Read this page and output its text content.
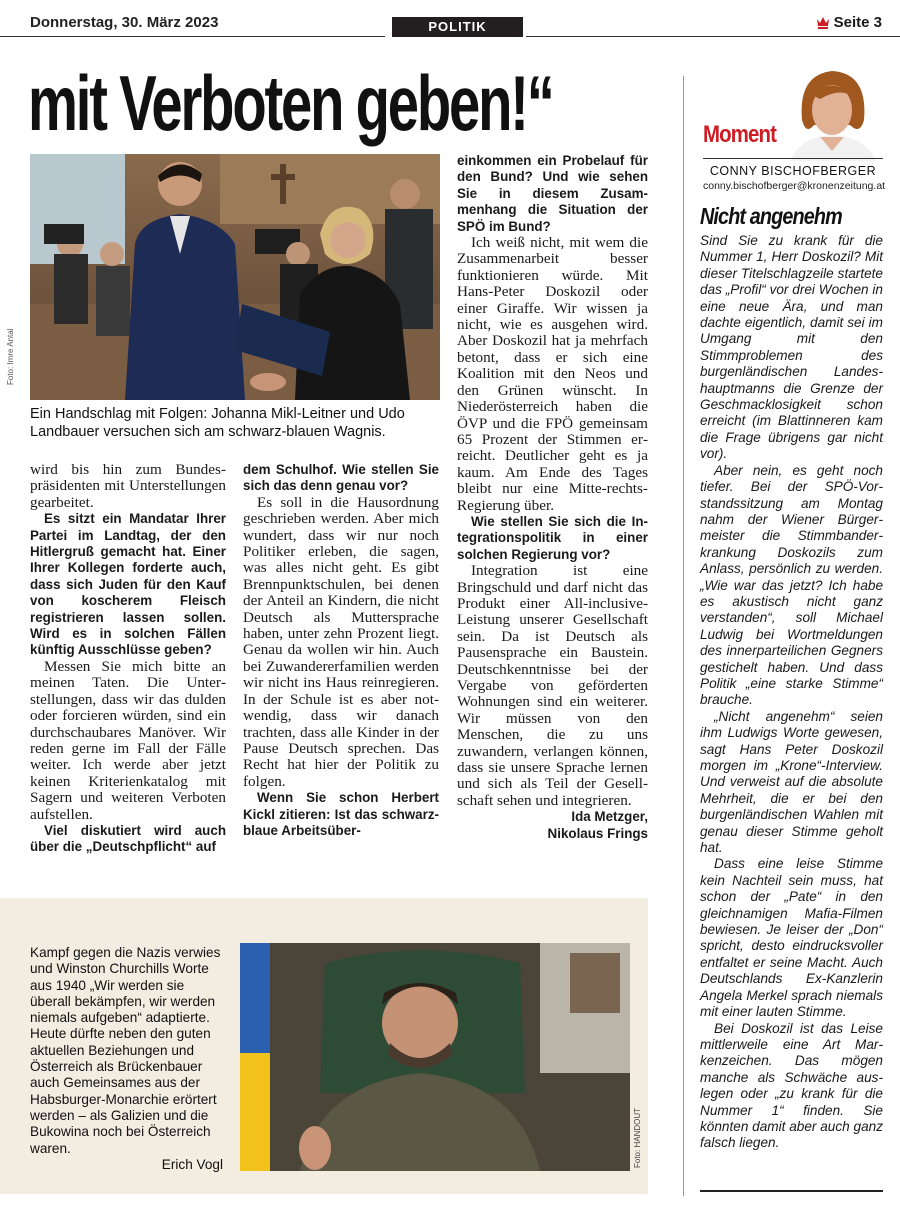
Donnerstag, 30. März 2023	POLITIK	Seite 3
mit Verboten geben!“
Foto: Imre Antal
Ein Handschlag mit Folgen: Johanna Mikl-Leitner und Udo Landbauer versuchen sich am schwarz-blauen Wagnis.

wird bis hin zum Bundespräsidenten mit Unterstellungen gearbeitet.

Es sitzt ein Mandatar Ihrer Partei im Landtag, der den Hitlergruß gemacht hat. Einer Ihrer Kollegen forderte auch, dass sich Juden für den Kauf von koscherem Fleisch registrieren lassen sollen. Wird es in solchen Fällen künftig Ausschlüsse geben?

Messen Sie mich bitte an meinen Taten. Die Unterstellungen, dass wir das dulden oder forcieren würden, sind ein durchschaubares Manöver. Wir reden gerne im Fall der Fälle weiter. Ich werde aber jetzt keinen Kriterienkatalog mit Sagern und weiteren Verboten aufstellen.

Viel diskutiert wird auch über die „Deutschpflicht“ auf

dem Schulhof. Wie stellen Sie sich das denn genau vor?

Es soll in die Hausordnung geschrieben werden. Aber mich wundert, dass wir nur noch Politiker erleben, die sagen, was alles nicht geht. Es gibt Brennpunktschulen, bei denen der Anteil an Kindern, die nicht Deutsch als Muttersprache haben, unter zehn Prozent liegt. Genau da wollen wir hin. Auch bei Zuwandererfamilien werden wir nicht ins Haus reinregieren. In der Schule ist es aber notwendig, dass wir danach trachten, dass alle Kinder in der Pause Deutsch sprechen. Das Recht hat hier der Politik zu folgen.

Wenn Sie schon Herbert Kickl zitieren: Ist das schwarz-blaue Arbeitsüber-

einkommen ein Probelauf für den Bund? Und wie sehen Sie in diesem Zusammenhang die Situation der SPÖ im Bund?

Ich weiß nicht, mit wem die Zusammenarbeit besser funktionieren würde. Mit Hans-Peter Doskozil oder einer Giraffe. Wir wissen ja nicht, wie es ausgehen wird. Aber Doskozil hat ja mehrfach betont, dass er sich eine Koalition mit den Neos und den Grünen wünscht. In Niederösterreich haben die ÖVP und die FPÖ gemeinsam 65 Prozent der Stimmen erreicht. Deutlicher geht es ja kaum. Am Ende des Tages bleibt nur eine Mitte-rechts-Regierung über.

Wie stellen Sie sich die Integrationspolitik in einer solchen Regierung vor?

Integration ist eine Bringschuld und darf nicht das Produkt einer All-inclusive-Leistung unserer Gesellschaft sein. Da ist Deutsch als Pausensprache ein Baustein. Deutschkenntnisse bei der Vergabe von geförderten Wohnungen sind ein weiterer. Wir müssen von den Menschen, die zu uns zuwandern, verlangen können, dass sie unsere Sprache lernen und sich als Teil der Gesellschaft sehen und integrieren.

Ida Metzger,

Nikolaus Frings

Kampf gegen die Nazis verwies und Winston Churchills Worte aus 1940 „Wir werden sie überall bekämpfen, wir werden niemals aufgeben“ adaptierte. Heute dürfte neben den guten aktuellen Beziehungen und Österreich als Brückenbauer auch Gemeinsames aus der Habsburger-Monarchie erörtert werden – als Galizien und die Bukowina noch bei Österreich waren.
Erich Vogl	Foto: HANDOUT
Moment
CONNY BISCHOFBERGER
conny.bischofberger@kronenzeitung.at
Nicht angenehm

Sind Sie zu krank für die Nummer 1, Herr Doskozil? Mit dieser Titelschlagzeile startete das „Profil“ vor drei Wochen in eine neue Ära, und man dachte eigentlich, damit sei im Umgang mit den Stimmproblemen des burgenländischen Landeshauptmanns die Grenze der Geschmacklosigkeit schon erreicht (im Blattinneren kam die Frage übrigens gar nicht vor).

Aber nein, es geht noch tiefer. Bei der SPÖ-Vorstandssitzung am Montag nahm der Wiener Bürgermeister die Stimmbanderkrankung Doskozils zum Anlass, persönlich zu werden. „Wie war das jetzt? Ich habe es akustisch nicht ganz verstanden“, soll Michael Ludwig bei Wortmeldungen des innerparteilichen Gegners gestichelt haben. Und dass Politik „eine starke Stimme“ brauche.

„Nicht angenehm“ seien ihm Ludwigs Worte gewesen, sagt Hans Peter Doskozil morgen im „Krone“-Interview. Und verweist auf die absolute Mehrheit, die er bei den burgenländischen Wahlen mit genau dieser Stimme geholt hat.

Dass eine leise Stimme kein Nachteil sein muss, hat schon der „Pate“ in den gleichnamigen Mafia-Filmen bewiesen. Je leiser der „Don“ spricht, desto eindrucksvoller entfaltet er seine Macht. Auch Deutschlands Ex-Kanzlerin Angela Merkel sprach niemals mit einer lauten Stimme.

Bei Doskozil ist das Leise mittlerweile eine Art Markenzeichen. Das mögen manche als Schwäche auslegen oder „zu krank für die Nummer 1“ finden. Sie könnten damit aber auch ganz falsch liegen.
